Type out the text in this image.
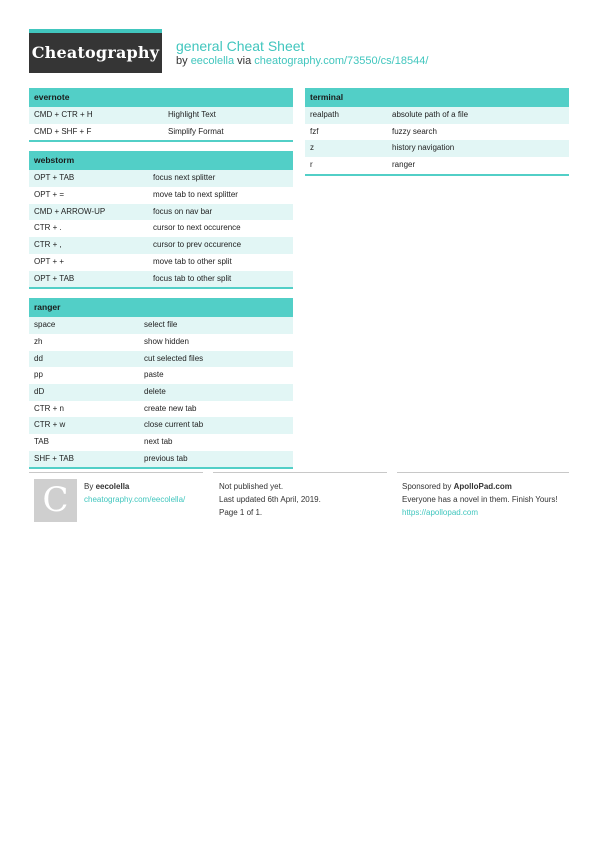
Cheatography general Cheat Sheet
by eecolella via cheatography.com/73550/cs/18544/
evernote
CMD + CTR + H	Highlight Text
CMD + SHF + F	Simplify Format
webstorm
OPT + TAB	focus next splitter
OPT + =	move tab to next splitter
CMD + ARROW-UP	focus on nav bar
CTR + .	cursor to next occurence
CTR + ,	cursor to prev occurence
OPT + +	move tab to other split
OPT + TAB	focus tab to other split
ranger
space	select file
zh	show hidden
dd	cut selected files
pp	paste
dD	delete
CTR + n	create new tab
CTR + w	close current tab
TAB	next tab
SHF + TAB	previous tab
terminal
realpath	absolute path of a file
fzf	fuzzy search
z	history navigation
r	ranger
C	By eecolella
cheatography.com/eecolella/
Not published yet.
Last updated 6th April, 2019.
Page 1 of 1.
Sponsored by ApolloPad.com
Everyone has a novel in them. Finish Yours!
https://apollopad.com
